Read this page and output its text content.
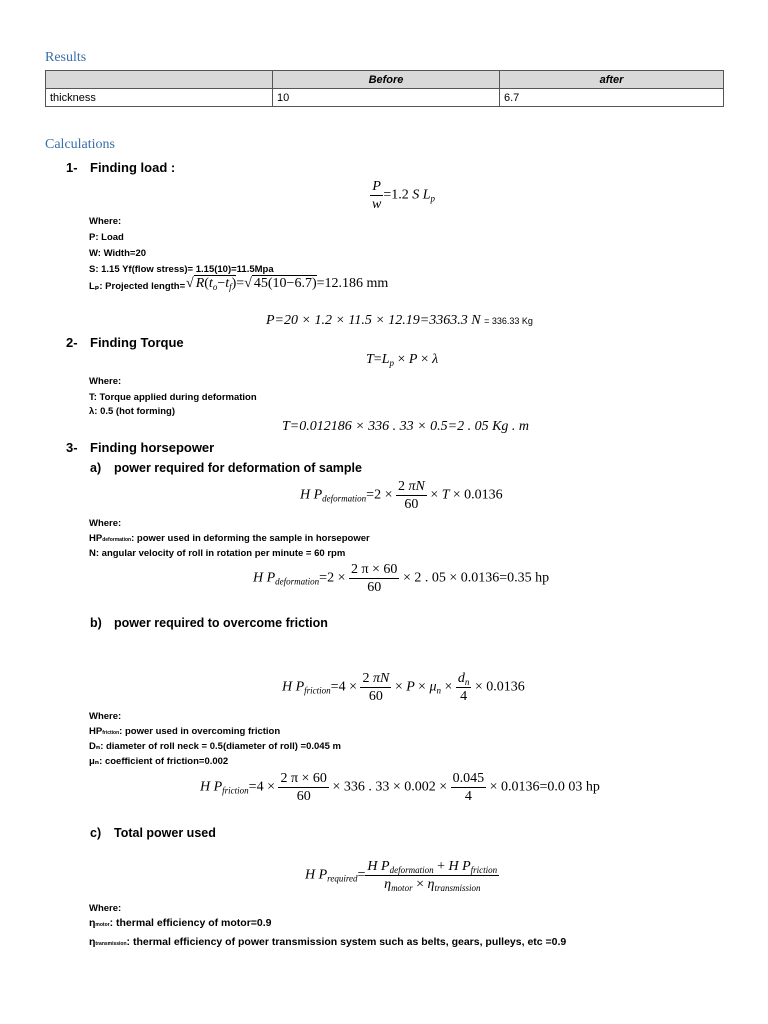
Results
	Before	after
thickness	10	6.7
Calculations
1- Finding load :
$\frac{P}{w} =1.2$ S $L_p$
Where:
P: Load
W: Width=20
S: 1.15 Yf(flow stress)= 1.15(10)=11.5Mpa
Lₚ: Projected length= √ $R(t_o-t_f)=√$ 45(10−6.7)=12.186 mm
P=20 × 1.2 × 11.5 × 12.19=3363.3 N = 336.33 Kg
2- Finding Torque
$T=L_p \times P \times \lambda$
Where:
T: Torque applied during deformation
λ: 0.5 (hot forming)
T=0.012186 × 336 . 33 × 0.5=2 . 05 Kg . m
3- Finding horsepower
a) power required for deformation of sample
H $P_{deformation}=2 \times \frac{2 \pi N}{60} \times T \times 0.0136$
Where:
HPdeformation: power used in deforming the sample in horsepower
N: angular velocity of roll in rotation per minute = 60 rpm
H $P_{deformation}=2 \times \frac{2 \pi \times 60}{60} \times 2$ . 05 × 0.0136=0.35 hp
b) power required to overcome friction
H $P_{friction}=4 \times \frac{2 \pi N}{60} \times P \times \mu_n \times \frac{d_n}{4} \times 0.0136$
Where:
HPfriction: power used in overcoming friction
Dₙ: diameter of roll neck = 0.5(diameter of roll) =0.045 m
μₙ: coefficient of friction=0.002
H $P_{friction}=4 \times \frac{2 \pi \times 60}{60} \times 336$ . $33 \times 0.002 \times \frac{0.045}{4} \times 0.0136=0.0$ 03 hp
c) Total power used
H $P_{required}= \frac{H P_{deformation} + H P_{friction}}{\eta_{motor} \times \eta_{transmission}}$
Where:
ηmotor: thermal efficiency of motor=0.9
ηtransmission: thermal efficiency of power transmission system such as belts, gears, pulleys, etc =0.9
